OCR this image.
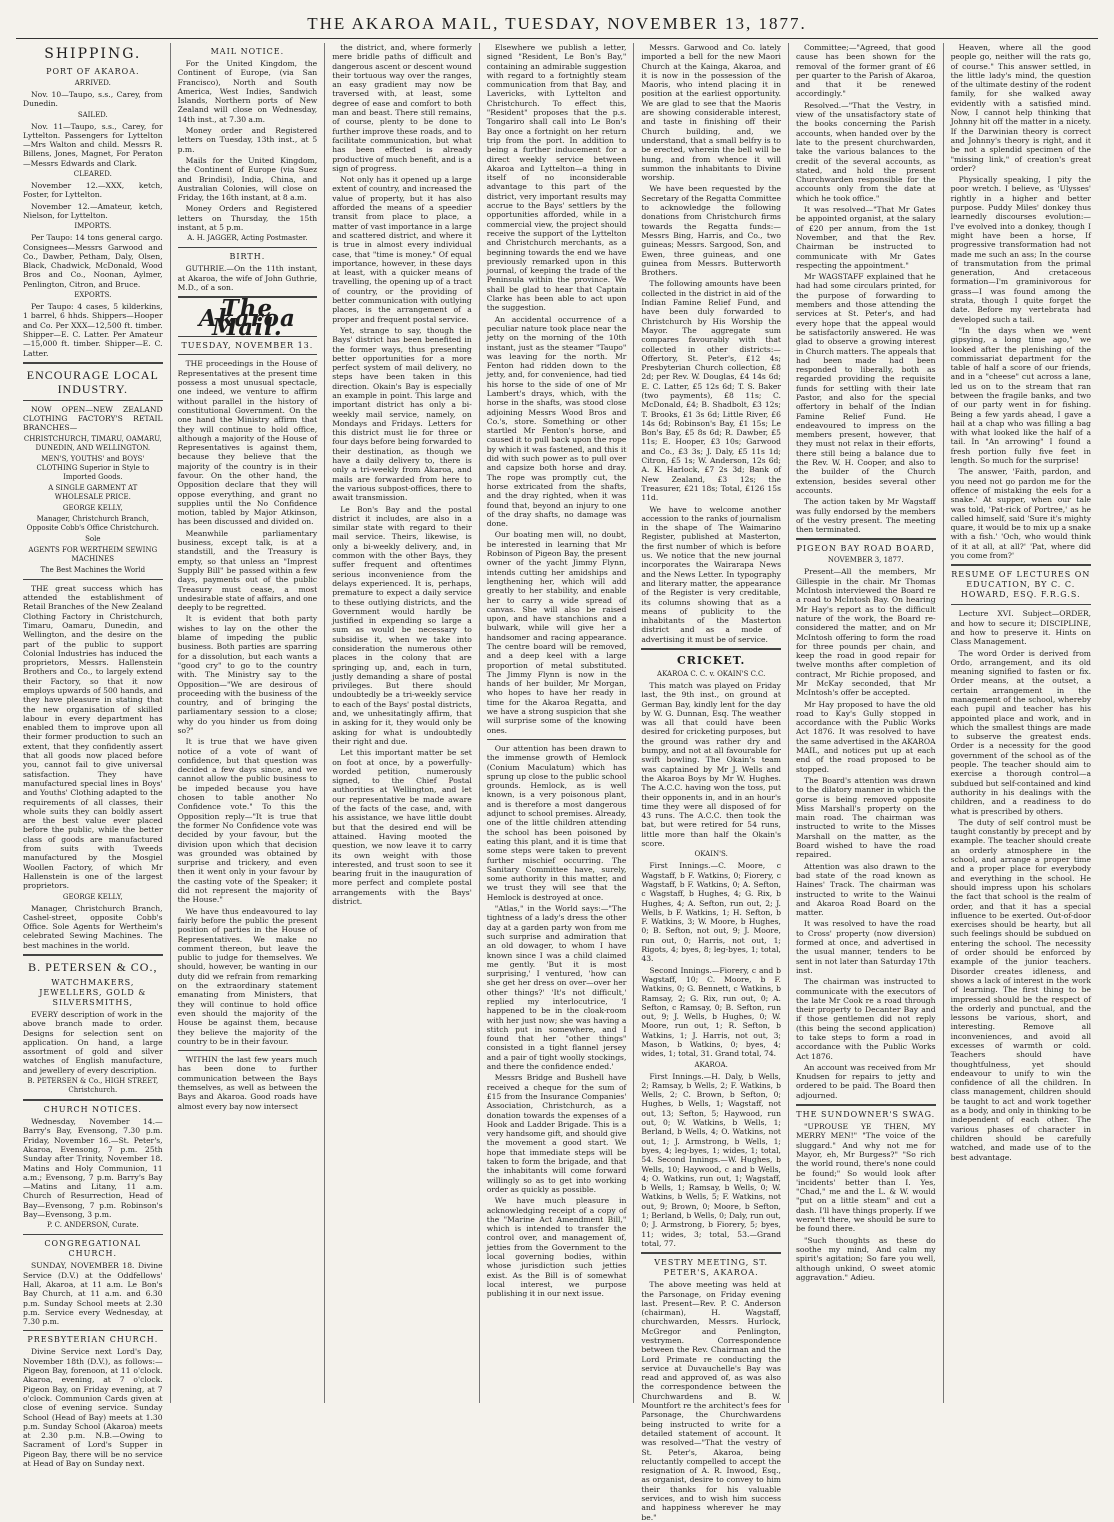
THE AKAROA MAIL, TUESDAY, NOVEMBER 13, 1877.
SHIPPING.
PORT OF AKAROA.
ARRIVED.

Nov. 10—Taupo, s.s., Carey, from Dunedin.

SAILED.

Nov. 11—Taupo, s.s., Carey, for Lyttelton. Passengers for Lyttelton—Mrs Walton and child. Messrs R. Billens, Jones, Magnet, For Peraton—Messrs Edwards and Clark.

CLEARED.

November 12.—XXX, ketch, Foster, for Lyttelton.

November 12.—Amateur, ketch, Nielson, for Lyttelton.

IMPORTS.

Per Taupo: 14 tons general cargo. Consignees—Messrs Garwood and Co., Dawber, Petham, Daly, Olsen, Black, Chadwick, McDonald, Wood Bros and Co., Noonan, Aylmer, Penlington, Citron, and Bruce.

EXPORTS.

Per Taupo: 4 cases, 5 kilderkins, 1 barrel, 6 hhds. Shippers—Hooper and Co. Per XXX—12,500 ft. timber. Shipper—E. C. Latter. Per Amateur—15,000 ft. timber. Shipper—E. C. Latter.

ENCOURAGE LOCAL INDUSTRY.

NOW OPEN—NEW ZEALAND CLOTHING FACTORY'S RETAIL BRANCHES—

CHRISTCHURCH, TIMARU, OAMARU, DUNEDIN, AND WELLINGTON.
MEN'S, YOUTHS' and BOYS' CLOTHING Superior in Style to Imported Goods.
A SINGLE GARMENT AT WHOLESALE PRICE.
GEORGE KELLY,
Manager, Christchurch Branch, Opposite Cobb's Office Christchurch.
Sole
AGENTS FOR WERTHEIM SEWING MACHINES
The Best Machines the World

THE great success which has attended the establishment of Retail Branches of the New Zealand Clothing Factory in Christchurch, Timaru, Oamaru, Dunedin, and Wellington, and the desire on the part of the public to support Colonial Industries has induced the proprietors, Messrs. Hallenstein Brothers and Co., to largely extend their Factory, so that it now employs upwards of 500 hands, and they have pleasure in stating that the new organisation of skilled labour in every department has enabled them to improve upon all their former production to such an extent, that they confidently assert that all goods now placed before you, cannot fail to give universal satisfaction. They have manufactured special lines in Boys' and Youths' Clothing adapted to the requirements of all classes, their whole suits they can boldly assert are the best value ever placed before the public, while the better class of goods are manufactured from suits with Tweeds manufactured by the Mosgiel Woollen Factory, of which Mr Hallenstein is one of the largest proprietors.

GEORGE KELLY,

Manager, Christchurch Branch, Cashel-street, opposite Cobb's Office. Sole Agents for Wertheim's celebrated Sewing Machines. The best machines in the world.

B. PETERSEN & CO.,
WATCHMAKERS, JEWELLERS, GOLD & SILVERSMITHS,

EVERY description of work in the above branch made to order. Designs for selection sent on application. On hand, a large assortment of gold and silver watches of English manufacture, and jewellery of every description.

B. PETERSEN & Co., HIGH STREET, Christchurch.
CHURCH NOTICES.

Wednesday, November 14.—Barry's Bay, Evensong, 7.30 p.m. Friday, November 16.—St. Peter's, Akaroa, Evensong, 7 p.m. 25th Sunday after Trinity, November 18. Matins and Holy Communion, 11 a.m.; Evensong, 7 p.m. Barry's Bay—Matins and Litany, 11 a.m. Church of Resurrection, Head of Bay—Evensong, 7 p.m. Robinson's Bay—Evensong, 3 p.m.

P. C. ANDERSON, Curate.
CONGREGATIONAL CHURCH.

SUNDAY, NOVEMBER 18. Divine Service (D.V.) at the Oddfellows' Hall, Akaroa, at 11 a.m. Le Bon's Bay Church, at 11 a.m. and 6.30 p.m. Sunday School meets at 2.30 p.m. Service every Wednesday, at 7.30 p.m.

PRESBYTERIAN CHURCH.

Divine Service next Lord's Day, November 18th (D.V.), as follows:—Pigeon Bay, forenoon, at 11 o'clock. Akaroa, evening, at 7 o'clock. Pigeon Bay, on Friday evening, at 7 o'clock. Communion Cards given at close of evening service. Sunday School (Head of Bay) meets at 1.30 p.m. Sunday School (Akaroa) meets at 2.30 p.m. N.B.—Owing to Sacrament of Lord's Supper in Pigeon Bay, there will be no service at Head of Bay on Sunday next.

MAIL NOTICE.

For the United Kingdom, the Continent of Europe, (via San Francisco), North and South America, West Indies, Sandwich Islands, Northern ports of New Zealand will close on Wednesday, 14th inst., at 7.30 a.m.

Money order and Registered letters on Tuesday, 13th inst., at 5 p.m.

Mails for the United Kingdom, the Continent of Europe (via Suez and Brindisi), India, China, and Australian Colonies, will close on Friday, the 16th instant, at 8 a.m.

Money Orders and Registered letters on Thursday, the 15th instant, at 5 p.m.

A. H. JAGGER, Acting Postmaster.
BIRTH.

GUTHRIE.—On the 11th instant, at Akaroa, the wife of John Guthrie, M.D., of a son.

The Akaroa Mail.
TUESDAY, NOVEMBER 13.

THE proceedings in the House of Representatives at the present time possess a most unusual spectacle, one indeed, we venture to affirm without parallel in the history of constitutional Government. On the one hand the Ministry affirm that they will continue to hold office, although a majority of the House of Representatives is against them, because they believe that the majority of the country is in their favour. On the other hand, the Opposition declare that they will oppose everything, and grant no supplies until the No Confidence motion, tabled by Major Atkinson, has been discussed and divided on.

Meanwhile parliamentary business, except talk, is at a standstill, and the Treasury is empty, so that unless an "Imprest Supply Bill" be passed within a few days, payments out of the public Treasury must cease, a most undesirable state of affairs, and one deeply to be regretted.

It is evident that both party wishes to lay on the other the blame of impeding the public business. Both parties are sparring for a dissolution, but each wants a "good cry" to go to the country with. The Ministry say to the Opposition—"We are desirous of proceeding with the business of the country, and of bringing the parliamentary session to a close; why do you hinder us from doing so?"

It is true that we have given notice of a vote of want of confidence, but that question was decided a few days since, and we cannot allow the public business to be impeded because you have chosen to table another No Confidence vote." To this the Opposition reply—"It is true that the former No Confidence vote was decided by your favour, but the division upon which that decision was grounded was obtained by surprise and trickery, and even then it went only in your favour by the casting vote of the Speaker; it did not represent the majority of the House."

We have thus endeavoured to lay fairly before the public the present position of parties in the House of Representatives. We make no comment thereon, but leave the public to judge for themselves. We should, however, be wanting in our duty did we refrain from remarking on the extraordinary statement emanating from Ministers, that they will continue to hold office even should the majority of the House be against them, because they believe the majority of the country to be in their favour.

WITHIN the last few years much has been done to further communication between the Bays themselves, as well as between the Bays and Akaroa. Good roads have almost every bay now intersect

the district, and, where formerly mere bridle paths of difficult and dangerous ascent or descent wound their tortuous way over the ranges, an easy gradient may now be traversed with, at least, some degree of ease and comfort to both man and beast. There still remains, of course, plenty to be done to further improve these roads, and to facilitate communication, but what has been effected is already productive of much benefit, and is a sign of progress.

Not only has it opened up a large extent of country, and increased the value of property, but it has also afforded the means of a speedier transit from place to place, a matter of vast importance in a large and scattered district, and where it is true in almost every individual case, that "time is money." Of equal importance, however, in these days at least, with a quicker means of travelling, the opening up of a tract of country, or the providing of better communication with outlying places, is the arrangement of a proper and frequent postal service.

Yet, strange to say, though the Bays' district has been benefited in the former ways, thus presenting better opportunities for a more perfect system of mail delivery, no steps have been taken in this direction. Okain's Bay is especially an example in point. This large and important district has only a bi-weekly mail service, namely, on Mondays and Fridays. Letters for this district must lie for three or four days before being forwarded to their destination, as though we have a daily delivery to, there is only a tri-weekly from Akaroa, and mails are forwarded from here to the various subpost-offices, there to await transmission.

Le Bon's Bay and the postal district it includes, are also in a similar state with regard to their mail service. Theirs, likewise, is only a bi-weekly delivery, and, in common with the other Bays, they suffer frequent and oftentimes serious inconvenience from the delays experienced. It is, perhaps, premature to expect a daily service to these outlying districts, and the Government would hardly be justified in expending so large a sum as would be necessary to subsidise it, when we take into consideration the numerous other places in the colony that are springing up, and, each in turn, justly demanding a share of postal privileges. But there should undoubtedly be a tri-weekly service to each of the Bays' postal districts, and, we unhesitatingly affirm, that in asking for it, they would only be asking for what is undoubtedly their right and due.

Let this important matter be set on foot at once, by a powerfully-worded petition, numerously signed, to the Chief Postal authorities at Wellington, and let our representative be made aware of the facts of the case, and, with his assistance, we have little doubt but that the desired end will be attained. Having mooted the question, we now leave it to carry its own weight with those interested, and trust soon to see it bearing fruit in the inauguration of more perfect and complete postal arrangements with the Bays' district.

Elsewhere we publish a letter, signed "Resident, Le Bon's Bay," containing an admirable suggestion with regard to a fortnightly steam communication from that Bay, and Lavericks, with Lyttelton and Christchurch. To effect this, "Resident" proposes that the p.s. Tongariro shall call into Le Bon's Bay once a fortnight on her return trip from the port. In addition to being a further inducement for a direct weekly service between Akaroa and Lyttelton—a thing in itself of no inconsiderable advantage to this part of the district, very important results may accrue to the Bays' settlers by the opportunities afforded, while in a commercial view, the project should receive the support of the Lyttelton and Christchurch merchants, as a beginning towards the end we have previously remarked upon in this journal, of keeping the trade of the Peninsula within the province. We shall be glad to hear that Captain Clarke has been able to act upon the suggestion.

An accidental occurrence of a peculiar nature took place near the jetty on the morning of the 10th instant, just as the steamer "Taupo" was leaving for the north. Mr Fenton had ridden down to the jetty, and, for convenience, had tied his horse to the side of one of Mr Lambert's drays, which, with the horse in the shafts, was stood close adjoining Messrs Wood Bros and Co.'s, store. Something or other startled Mr Fenton's horse, and caused it to pull back upon the rope by which it was fastened, and this it did with such power as to pull over and capsize both horse and dray. The rope was promptly cut, the horse extricated from the shafts, and the dray righted, when it was found that, beyond an injury to one of the dray shafts, no damage was done.

Our boating men will, no doubt, be interested in learning that Mr Robinson of Pigeon Bay, the present owner of the yacht Jimmy Flynn, intends cutting her amidships and lengthening her, which will add greatly to her stability, and enable her to carry a wide spread of canvas. She will also be raised upon, and have stanchions and a bulwark, while will give her a handsomer and racing appearance. The centre board will be removed, and a deep keel with a large proportion of metal substituted. The Jimmy Flynn is now in the hands of her builder, Mr Morgan, who hopes to have her ready in time for the Akaroa Regatta, and we have a strong suspicion that she will surprise some of the knowing ones.

Our attention has been drawn to the immense growth of Hemlock (Conium Maculatum) which has sprung up close to the public school grounds. Hemlock, as is well known, is a very poisonous plant, and is therefore a most dangerous adjunct to school premises. Already, one of the little children attending the school has been poisoned by eating this plant, and it is time that some steps were taken to prevent further mischief occurring. The Sanitary Committee have, surely, some authority in this matter, and we trust they will see that the Hemlock is destroyed at once.

"Atlas," in the World says:—"The tightness of a lady's dress the other day at a garden party won from me such surprise and admiration that an old dowager, to whom I have known since I was a child claimed me gently. 'But it is most surprising,' I ventured, 'how can she get her dress on over—over her other things?' 'It's not difficult,' replied my interlocutrice, 'I happened to be in the cloak-room with her just now; she was having a stitch put in somewhere, and I found that her "other things" consisted in a tight flannel jersey and a pair of tight woolly stockings, and there the confidence ended.'

Messrs Bridge and Bushell have received a cheque for the sum of £15 from the Insurance Companies' Association, Christchurch, as a donation towards the expenses of a Hook and Ladder Brigade. This is a very handsome gift, and should give the movement a good start. We hope that immediate steps will be taken to form the brigade, and that the inhabitants will come forward willingly so as to get into working order as quickly as possible.

We have much pleasure in acknowledging receipt of a copy of the "Marine Act Amendment Bill," which is intended to transfer the control over, and management of, jetties from the Government to the local governing bodies, within whose jurisdiction such jetties exist. As the Bill is of somewhat local interest, we purpose publishing it in our next issue.

Messrs. Garwood and Co. lately imported a bell for the new Maori Church at the Kainga, Akaroa, and it is now in the possession of the Maoris, who intend placing it in position at the earliest opportunity. We are glad to see that the Maoris are showing considerable interest, and taste in finishing off their Church building, and, we understand, that a small belfry is to be erected, wherein the bell will be hung, and from whence it will summon the inhabitants to Divine worship.

We have been requested by the Secretary of the Regatta Committee to acknowledge the following donations from Christchurch firms towards the Regatta funds:—Messrs Bing, Harris, and Co., two guineas; Messrs. Sargood, Son, and Ewen, three guineas, and one guinea from Messrs. Butterworth Brothers.

The following amounts have been collected in the district in aid of the Indian Famine Relief Fund, and have been duly forwarded to Christchurch by His Worship the Mayor. The aggregate sum compares favourably with that collected in other districts:—Offertory, St. Peter's, £12 4s; Presbyterian Church collection, £8 2d; per Rev. W. Douglas, £4 14s 6d; E. C. Latter, £5 12s 6d; T. S. Baker (two payments), £8 11s; C. McDonald, £4; B. Shadbolt, £3 12s; T. Brooks, £1 3s 6d; Little River, £6 14s 6d; Robinson's Bay, £1 15s; Le Bon's Bay, £5 8s 6d; R. Dawber, £5 11s; E. Hooper, £3 10s; Garwood and Co., £3 3s; J. Daly, £5 11s 1d; Citron, £5 1s; W. Anderson, 12s 6d; A. K. Harlock, £7 2s 3d; Bank of New Zealand, £3 12s; the Treasurer, £21 18s; Total, £126 15s 11d.

We have to welcome another accession to the ranks of journalism in the shape of The Waimarino Register, published at Masterton, the first number of which is before us. We notice that the new journal incorporates the Wairarapa News and the News Letter. In typography and literary matter, the appearance of the Register is very creditable, its columns showing that as a means of publicity to the inhabitants of the Masterton district and as a mode of advertising it must be of service.

CRICKET.
AKAROA C. C. v. OKAIN'S C.C.

This match was played on Friday last, the 9th inst., on ground at German Bay, kindly lent for the day by W. G. Dunnan, Esq. The weather was all that could have been desired for cricketing purposes, but the ground was rather dry and bumpy, and not at all favourable for swift bowling. The Okain's team was captained by Mr J. Wells and the Akaroa Boys by Mr W. Hughes. The A.C.C. having won the toss, put their opponents in, and in an hour's time they were all disposed of for 43 runs. The A.C.C. then took the bat, but were retired for 54 runs, little more than half the Okain's score.

OKAIN'S.

First Innings.—C. Moore, c Wagstaff, b F. Watkins, 0; Fiorery, c Wagstaff, b F. Watkins, 0; A. Sefton, c Wagstaff, b Hughes, 4; G. Rix, b Hughes, 4; A. Sefton, run out, 2; J. Wells, b F. Watkins, 1; H. Sefton, b F. Watkins, 3; W. Moore, b Hughes, 0; B. Sefton, not out, 9; J. Moore, run out, 0; Harris, not out, 1; Rigots, 4; byes, 8; leg-byes, 1; total, 43.

Second Innings.—Fiorery, c and b Wagstaff, 10; C. Moore, b F. Watkins, 0; G. Bennett, c Watkins, b Ramsay, 2; G. Rix, run out, 0; A. Sefton, c Ramsay, 0; B. Sefton, run out, 9; J. Wells, b Hughes, 0; W. Moore, run out, 1; R. Sefton, b Watkins, 1; J. Harris, not out, 3; Mason, b Watkins, 0; byes, 4; wides, 1; total, 31. Grand total, 74.

AKAROA.

First Innings.—H. Daly, b Wells, 2; Ramsay, b Wells, 2; F. Watkins, b Wells, 2; C. Brown, b Sefton, 0; Hughes, b Wells, 1; Wagstaff, not out, 13; Sefton, 5; Haywood, run out, 0; W. Watkins, b Wells, 1; Berland, b Wells, 4; O. Watkins, not out, 1; J. Armstrong, b Wells, 1; byes, 4; leg-byes, 1; wides, 1; total, 54. Second Innings.—W. Hughes, b Wells, 10; Haywood, c and b Wells, 4; O. Watkins, run out, 1; Wagstaff, b Wells, 1; Ramsay, b Wells, 0; W. Watkins, b Wells, 5; F. Watkins, not out, 9; Brown, 0; Moore, b Sefton, 1; Berland, b Wells, 0; Daly, run out, 0; J. Armstrong, b Fiorery, 5; byes, 11; wides, 3; total, 53.—Grand total, 77.

VESTRY MEETING, ST. PETER'S, AKAROA.

The above meeting was held at the Parsonage, on Friday evening last. Present—Rev. P. C. Anderson (chairman), H. Wagstaff, churchwarden, Messrs. Hurlock, McGregor and Penlington, vestrymen. Correspondence between the Rev. Chairman and the Lord Primate re conducting the service at Duvauchelle's Bay was read and approved of, as was also the correspondence between the Churchwardens and B. W. Mountfort re the architect's fees for Parsonage, the Churchwardens being instructed to write for a detailed statement of account. It was resolved—"That the vestry of St. Peter's, Akaroa, being reluctantly compelled to accept the resignation of A. R. Inwood, Esq., as organist, desire to convey to him their thanks for his valuable services, and to wish him success and happiness wherever he may be."

Committee;—"Agreed, that good cause has been shown for the removal of the former grant of £6 per quarter to the Parish of Akaroa, and that it be renewed accordingly."

Resolved.—"That the Vestry, in view of the unsatisfactory state of the books concerning the Parish accounts, when handed over by the late to the present churchwarden, take the various balances to the credit of the several accounts, as stated, and hold the present Churchwarden responsible for the accounts only from the date at which he took office."

It was resolved—"That Mr Gates be appointed organist, at the salary of £20 per annum, from the 1st November, and that the Rev. Chairman be instructed to communicate with Mr Gates respecting the appointment."

Mr WAGSTAFF explained that he had had some circulars printed, for the purpose of forwarding to members and those attending the services at St. Peter's, and had every hope that the appeal would be satisfactorily answered. He was glad to observe a growing interest in Church matters. The appeals that had been made had been responded to liberally, both as regarded providing the requisite funds for settling with their late Pastor, and also for the special offertory in behalf of the Indian Famine Relief Fund. He endeavoured to impress on the members present, however, that they must not relax in their efforts, there still being a balance due to the Rev. W. H. Cooper, and also to the builder of the Church extension, besides several other accounts.

The action taken by Mr Wagstaff was fully endorsed by the members of the vestry present. The meeting then terminated.

PIGEON BAY ROAD BOARD,
NOVEMBER 3, 1877.

Present—All the members, Mr Gillespie in the chair. Mr Thomas McIntosh interviewed the Board re a road to McIntosh Bay. On hearing Mr Hay's report as to the difficult nature of the work, the Board re-considered the matter, and on Mr McIntosh offering to form the road for three pounds per chain, and keep the road in good repair for twelve months after completion of contract, Mr Richie proposed, and Mr McKay seconded, that Mr McIntosh's offer be accepted.

Mr Hay proposed to have the old road to Kay's Gully stopped in accordance with the Public Works Act 1876. It was resolved to have the same advertised in the AKAROA MAIL, and notices put up at each end of the road proposed to be stopped.

The Board's attention was drawn to the dilatory manner in which the gorse is being removed opposite Miss Marshall's property on the main road. The chairman was instructed to write to the Misses Marshall on the matter, as the Board wished to have the road repaired.

Attention was also drawn to the bad state of the road known as Haines' Track. The chairman was instructed to write to the Wainui and Akaroa Road Board on the matter.

It was resolved to have the road to Cross' property (now diversion) formed at once, and advertised in the usual manner, tenders to be sent in not later than Saturday 17th inst.

The chairman was instructed to communicate with the executors of the late Mr Cook re a road through their property to Decanter Bay and if those gentlemen did not reply (this being the second application) to take steps to form a road in accordance with the Public Works Act 1876.

An account was received from Mr Knudsen for repairs to jetty and ordered to be paid. The Board then adjourned.

THE SUNDOWNER'S SWAG.

"UPROUSE YE THEN, MY MERRY MEN!" "The voice of the sluggard." And why not me for Mayor, eh, Mr Burgess?" "So rich the world round, there's none could be found;" So would look after 'incidents' better than I. Yes, "Chad," me and the L. & W. would "put on a little steam" and cut a dash. I'll have things properly. If we weren't there, we should be sure to be found there.

"Such thoughts as these do soothe my mind, And calm my spirit's agitation; So fare you well, although unkind, O sweet atomic aggravation." Adieu.

Heaven, where all the good people go, neither will the rats go, of course." This answer settled, in the little lady's mind, the question of the ultimate destiny of the rodent family, for she walked away evidently with a satisfied mind. Now, I cannot help thinking that Johnny hit off the matter in a nicety. If the Darwinian theory is correct and Johnny's theory is right, and it be not a splendid specimen of the "missing link," of creation's great order?

Physically speaking, I pity the poor wretch. I believe, as 'Ulysses' rightly in a higher and better purpose. Puddy Miles' donkey thus learnedly discourses evolution:—I've evolved into a donkey, though I might have been a horse, If progressive transformation had not made me such an ass; In the course of transmutation from the primal generation, And cretaceous formation—I'm graminivorous for grass—I was found among the strata, though I quite forget the date. Before my vertebrata had developed such a tail.

"In the days when we went gipsying, a long time ago," we looked after the plenishing of the commissariat department for the table of half a score of our friends, and in a "cheese" cut across a lane, led us on to the stream that ran between the fragile banks, and two of our party went in for fishing. Being a few yards ahead, I gave a hail at a chap who was filling a bag with what looked like the half of a tail. In "An arrowing" I found a fresh portion fully five feet in length. So much for the surprise!

The answer, 'Faith, pardon, and you need not go pardon me for the offence of mistaking the eels for a snake.' At supper, when our tale was told, 'Pat-rick of Portree,' as he called himself, said 'Sure it's mighty quare, it would be to mix up a snake with a fish.' 'Och, who would think of it at all, at all?' 'Pat, where did you come from?'

RESUME OF LECTURES ON EDUCATION, BY C. C. HOWARD, ESQ. F.R.G.S.

Lecture XVI. Subject—ORDER, and how to secure it; DISCIPLINE, and how to preserve it. Hints on Class Management.

The word Order is derived from Ordo, arrangement, and its old meaning signified to fasten or fix. Order means, at the outset, a certain arrangement in the management of the school, whereby each pupil and teacher has his appointed place and work, and in which the smallest things are made to subserve the greatest ends. Order is a necessity for the good government of the school as of the people. The teacher should aim to exercise a thorough control—a subdued but self-contained and kind authority in his dealings with the children, and a readiness to do what is prescribed by others.

The duty of self control must be taught constantly by precept and by example. The teacher should create an orderly atmosphere in the school, and arrange a proper time and a proper place for everybody and everything in the school. He should impress upon his scholars the fact that school is the realm of order, and that it has a special influence to be exerted. Out-of-door exercises should be hearty, but all such feelings should be subdued on entering the school. The necessity of order should be enforced by example of the junior teachers. Disorder creates idleness, and shows a lack of interest in the work of learning. The first thing to be impressed should be the respect of the orderly and punctual, and the lessons be various, short, and interesting. Remove all inconveniences, and avoid all excesses of warmth or cold. Teachers should have thoughtfulness, yet should endeavour to unify to win the confidence of all the children. In class management, children should be taught to act and work together as a body, and only in thinking to be independent of each other. The various phases of character in children should be carefully watched, and made use of to the best advantage.
